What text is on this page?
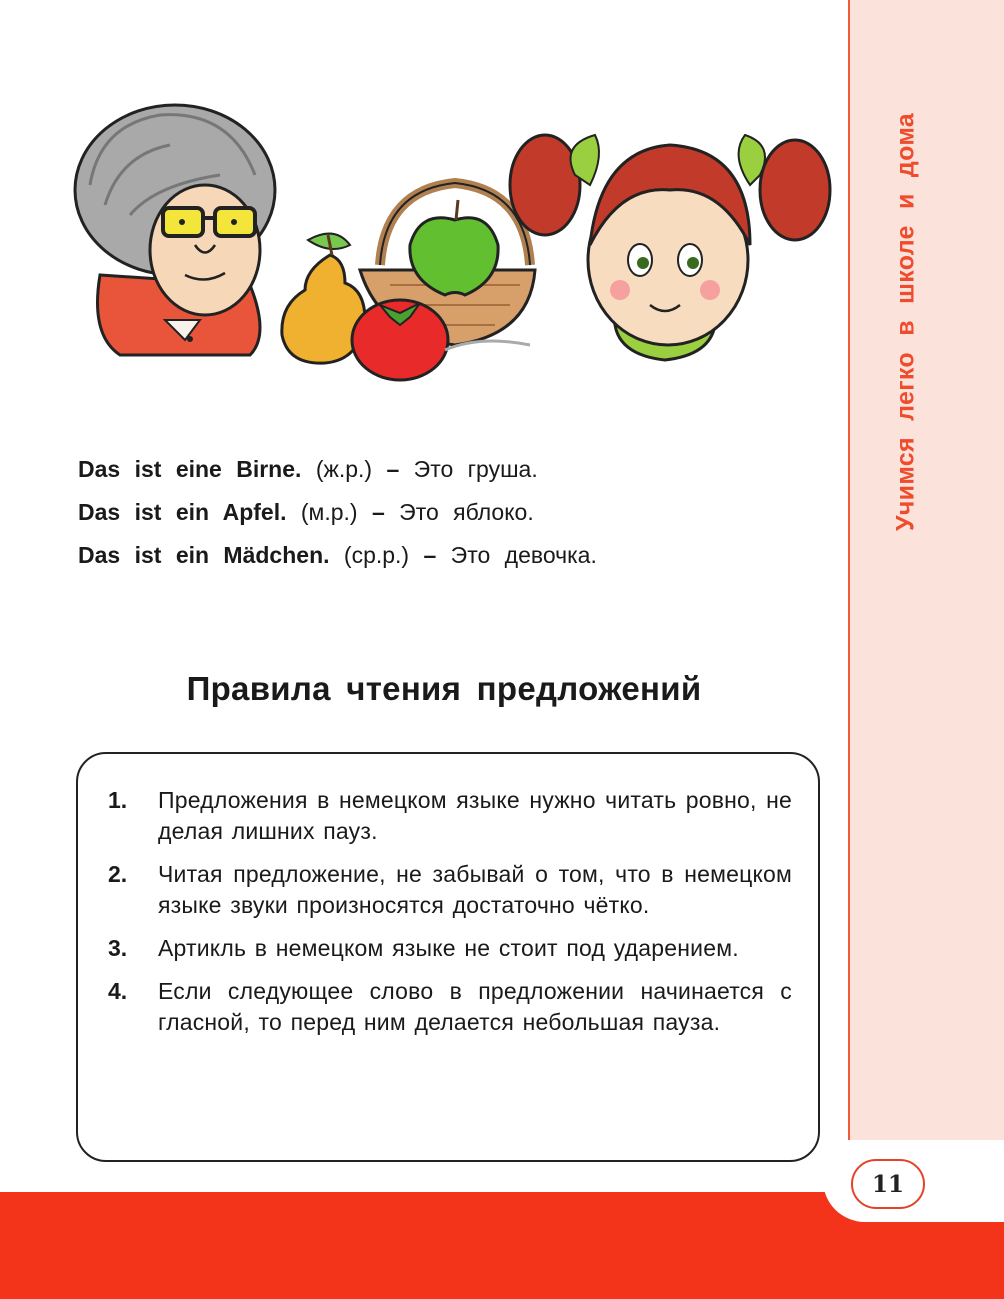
Учимся легко в школе и дома
11
Das ist eine Birne. (ж.р.) – Это груша.
Das ist ein Apfel. (м.р.) – Это яблоко.
Das ist ein Mädchen. (ср.р.) – Это девочка.
Правила чтения предложений
1. Предложения в немецком языке нужно читать ровно, не делая лишних пауз.
2. Читая предложение, не забывай о том, что в немецком языке звуки произносятся достаточно чётко.
3. Артикль в немецком языке не стоит под ударением.
4. Если следующее слово в предложении начинается с гласной, то перед ним делается небольшая пауза.
